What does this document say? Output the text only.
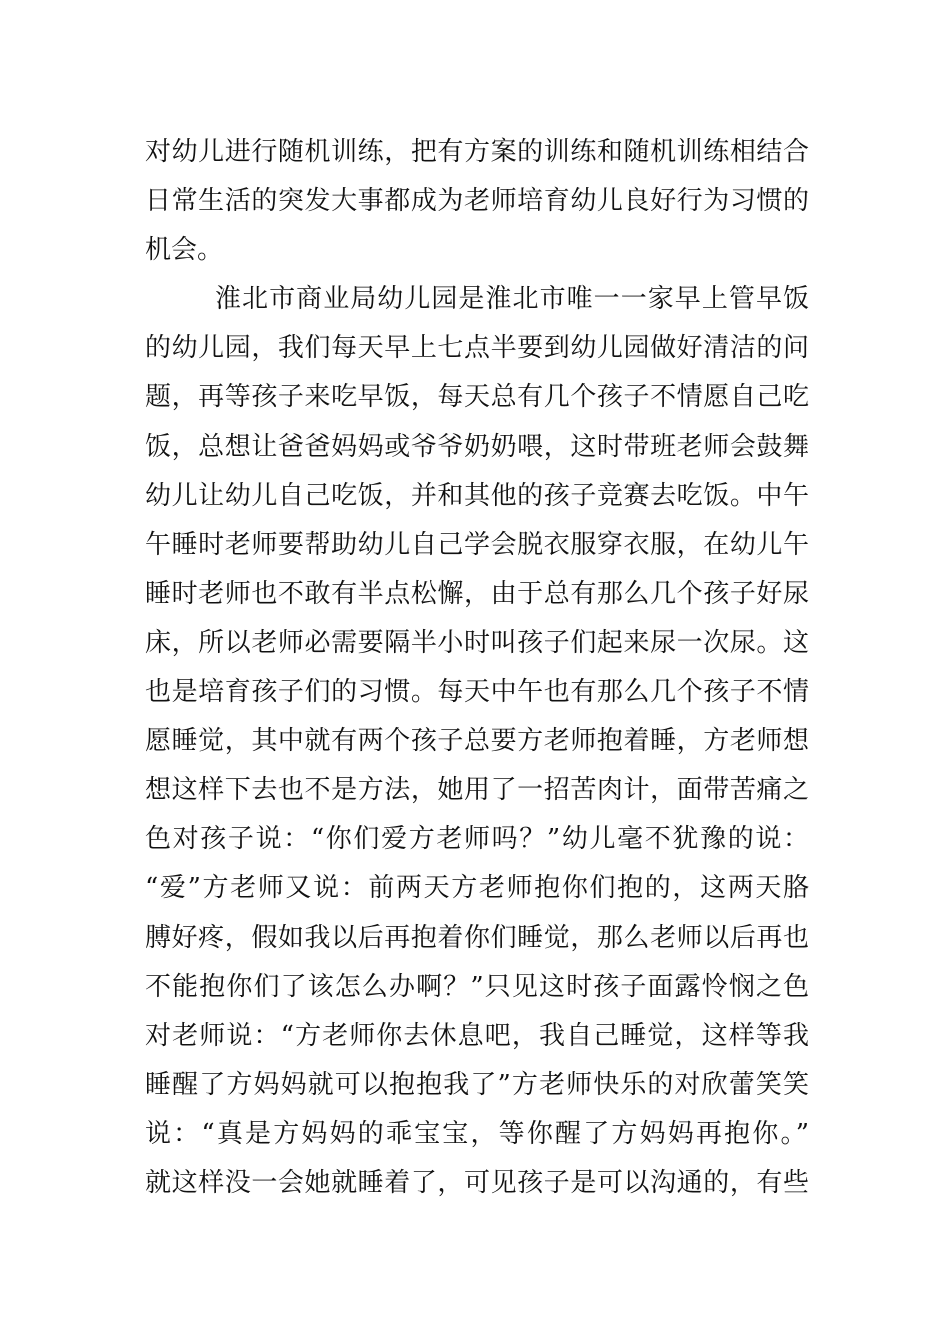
对幼儿进行随机训练，把有方案的训练和随机训练相结合
日常生活的突发大事都成为老师培育幼儿良好行为习惯的
机会。
淮北市商业局幼儿园是淮北市唯一一家早上管早饭
的幼儿园，我们每天早上七点半要到幼儿园做好清洁的问
题，再等孩子来吃早饭，每天总有几个孩子不情愿自己吃
饭，总想让爸爸妈妈或爷爷奶奶喂，这时带班老师会鼓舞
幼儿让幼儿自己吃饭，并和其他的孩子竞赛去吃饭。中午
午睡时老师要帮助幼儿自己学会脱衣服穿衣服，在幼儿午
睡时老师也不敢有半点松懈，由于总有那么几个孩子好尿
床，所以老师必需要隔半小时叫孩子们起来尿一次尿。这
也是培育孩子们的习惯。每天中午也有那么几个孩子不情
愿睡觉，其中就有两个孩子总要方老师抱着睡，方老师想
想这样下去也不是方法，她用了一招苦肉计，面带苦痛之
色对孩子说：“你们爱方老师吗？”幼儿毫不犹豫的说：
“爱”方老师又说：前两天方老师抱你们抱的，这两天胳
膊好疼，假如我以后再抱着你们睡觉，那么老师以后再也
不能抱你们了该怎么办啊？”只见这时孩子面露怜悯之色
对老师说：“方老师你去休息吧，我自己睡觉，这样等我
睡醒了方妈妈就可以抱抱我了”方老师快乐的对欣蕾笑笑
说：“真是方妈妈的乖宝宝，等你醒了方妈妈再抱你。”
就这样没一会她就睡着了，可见孩子是可以沟通的，有些
